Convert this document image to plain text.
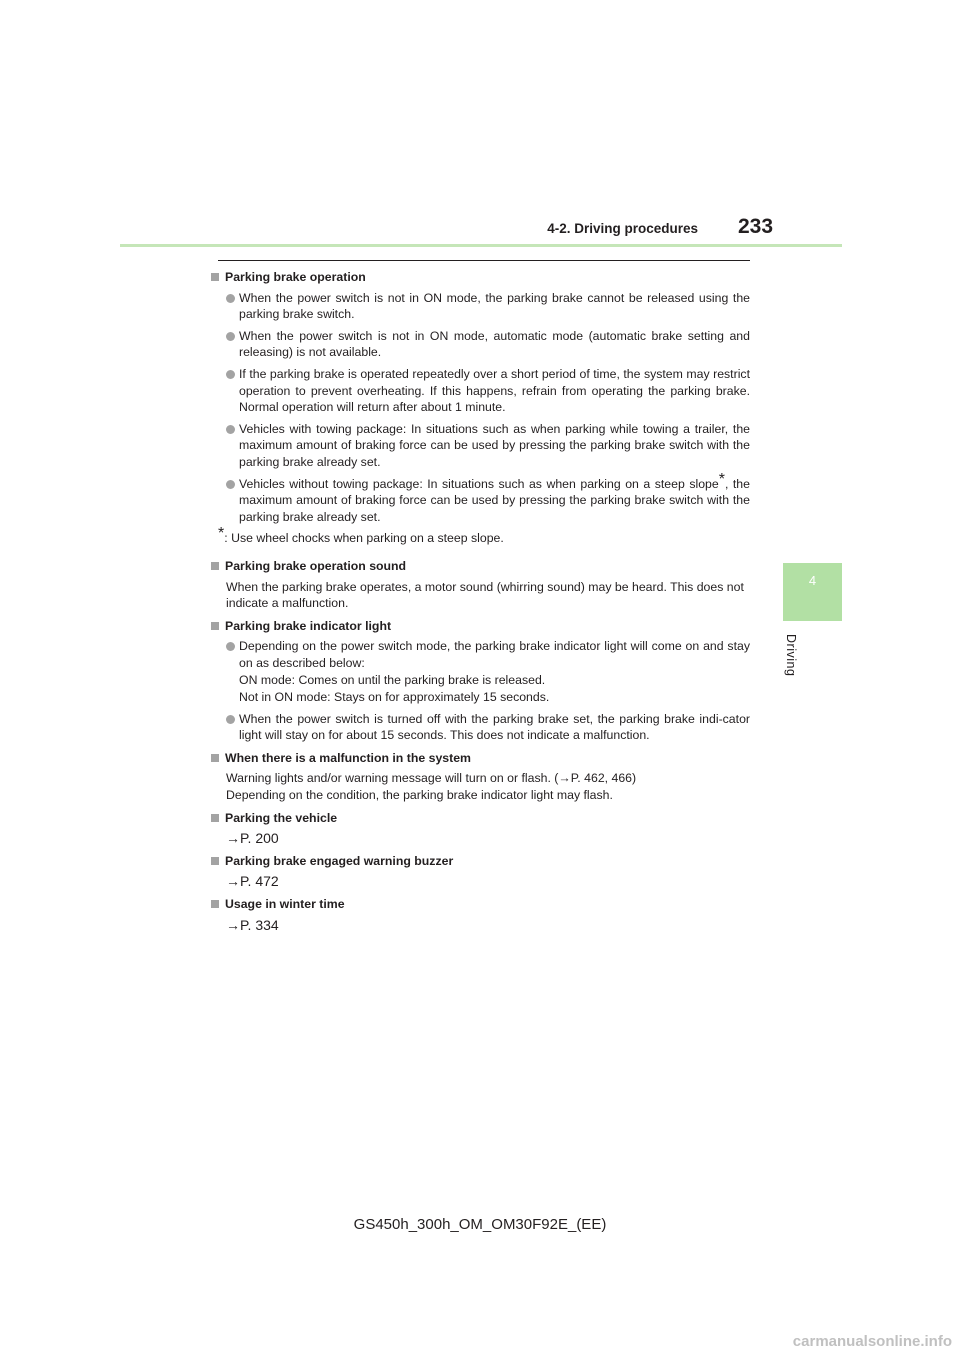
4-2. Driving procedures 233
4
Driving
Parking brake operation
When the power switch is not in ON mode, the parking brake cannot be released using the parking brake switch.
When the power switch is not in ON mode, automatic mode (automatic brake setting and releasing) is not available.
If the parking brake is operated repeatedly over a short period of time, the system may restrict operation to prevent overheating. If this happens, refrain from operating the parking brake. Normal operation will return after about 1 minute.
Vehicles with towing package: In situations such as when parking while towing a trailer, the maximum amount of braking force can be used by pressing the parking brake switch with the parking brake already set.
Vehicles without towing package: In situations such as when parking on a steep slope*, the maximum amount of braking force can be used by pressing the parking brake switch with the parking brake already set.
*: Use wheel chocks when parking on a steep slope.
Parking brake operation sound
When the parking brake operates, a motor sound (whirring sound) may be heard. This does not indicate a malfunction.
Parking brake indicator light
Depending on the power switch mode, the parking brake indicator light will come on and stay on as described below:
ON mode: Comes on until the parking brake is released.
Not in ON mode: Stays on for approximately 15 seconds.
When the power switch is turned off with the parking brake set, the parking brake indi-cator light will stay on for about 15 seconds. This does not indicate a malfunction.
When there is a malfunction in the system
Warning lights and/or warning message will turn on or flash. (→P. 462, 466)
Depending on the condition, the parking brake indicator light may flash.
Parking the vehicle
→P. 200
Parking brake engaged warning buzzer
→P. 472
Usage in winter time
→P. 334
GS450h_300h_OM_OM30F92E_(EE)
carmanualsonline.info
